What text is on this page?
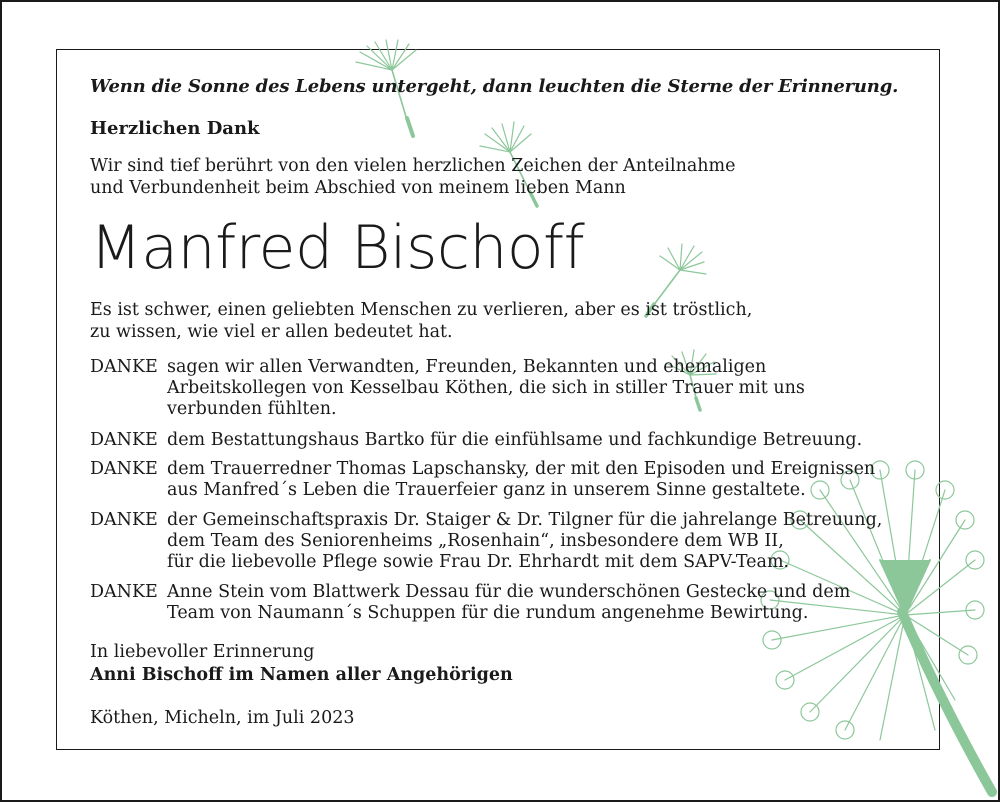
Wenn die Sonne des Lebens untergeht, dann leuchten die Sterne der Erinnerung.
Herzlichen Dank
Wir sind tief berührt von den vielen herzlichen Zeichen der Anteilnahme
und Verbundenheit beim Abschied von meinem lieben Mann
Manfred Bischoff
Es ist schwer, einen geliebten Menschen zu verlieren, aber es ist tröstlich,
zu wissen, wie viel er allen bedeutet hat.
DANKE sagen wir allen Verwandten, Freunden, Bekannten und ehemaligen
Arbeitskollegen von Kesselbau Köthen, die sich in stiller Trauer mit uns
verbunden fühlten.
DANKE dem Bestattungshaus Bartko für die einfühlsame und fachkundige Betreuung.
DANKE dem Trauerredner Thomas Lapschansky, der mit den Episoden und Ereignissen
aus Manfred´s Leben die Trauerfeier ganz in unserem Sinne gestaltete.
DANKE der Gemeinschaftspraxis Dr. Staiger & Dr. Tilgner für die jahrelange Betreuung,
dem Team des Seniorenheims „Rosenhain“, insbesondere dem WB II,
für die liebevolle Pflege sowie Frau Dr. Ehrhardt mit dem SAPV-Team.
DANKE Anne Stein vom Blattwerk Dessau für die wunderschönen Gestecke und dem
Team von Naumann´s Schuppen für die rundum angenehme Bewirtung.
In liebevoller Erinnerung
Anni Bischoff im Namen aller Angehörigen
Köthen, Micheln, im Juli 2023
